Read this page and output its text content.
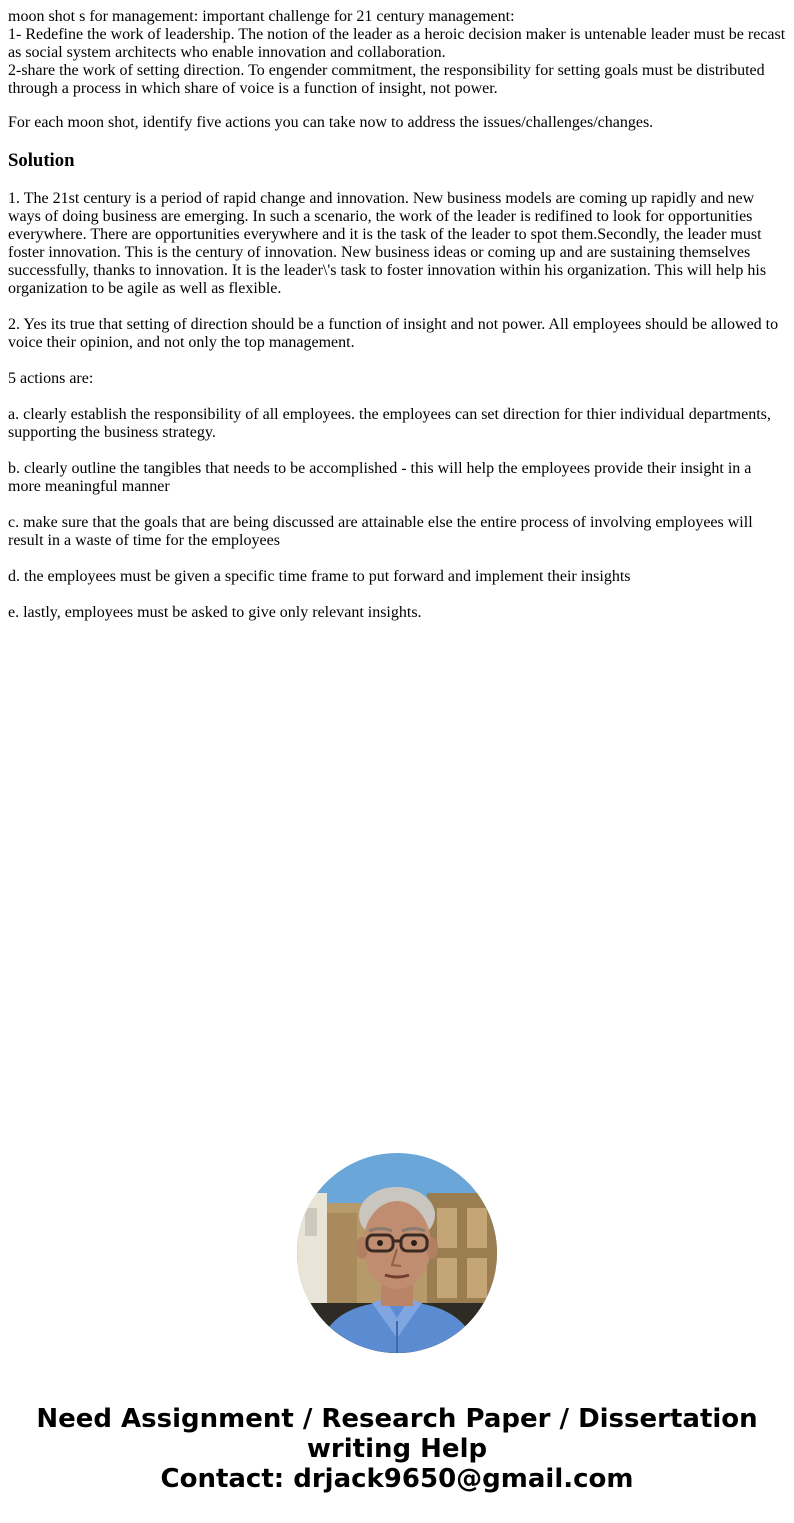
moon shot s for management: important challenge for 21 century management:

1- Redefine the work of leadership. The notion of the leader as a heroic decision maker is untenable leader must be recast as social system architects who enable innovation and collaboration.

2-share the work of setting direction. To engender commitment, the responsibility for setting goals must be distributed through a process in which share of voice is a function of insight, not power.

For each moon shot, identify five actions you can take now to address the issues/challenges/changes.

Solution

1. The 21st century is a period of rapid change and innovation. New business models are coming up rapidly and new ways of doing business are emerging. In such a scenario, the work of the leader is redifined to look for opportunities everywhere. There are opportunities everywhere and it is the task of the leader to spot them.Secondly, the leader must foster innovation. This is the century of innovation. New business ideas or coming up and are sustaining themselves successfully, thanks to innovation. It is the leader\'s task to foster innovation within his organization. This will help his organization to be agile as well as flexible.

2. Yes its true that setting of direction should be a function of insight and not power. All employees should be allowed to voice their opinion, and not only the top management.

5 actions are:

a. clearly establish the responsibility of all employees. the employees can set direction for thier individual departments, supporting the business strategy.

b. clearly outline the tangibles that needs to be accomplished - this will help the employees provide their insight in a more meaningful manner

c. make sure that the goals that are being discussed are attainable else the entire process of involving employees will result in a waste of time for the employees

d. the employees must be given a specific time frame to put forward and implement their insights

e. lastly, employees must be asked to give only relevant insights.

Need Assignment / Research Paper / Dissertation
writing Help
Contact: drjack9650@gmail.com
